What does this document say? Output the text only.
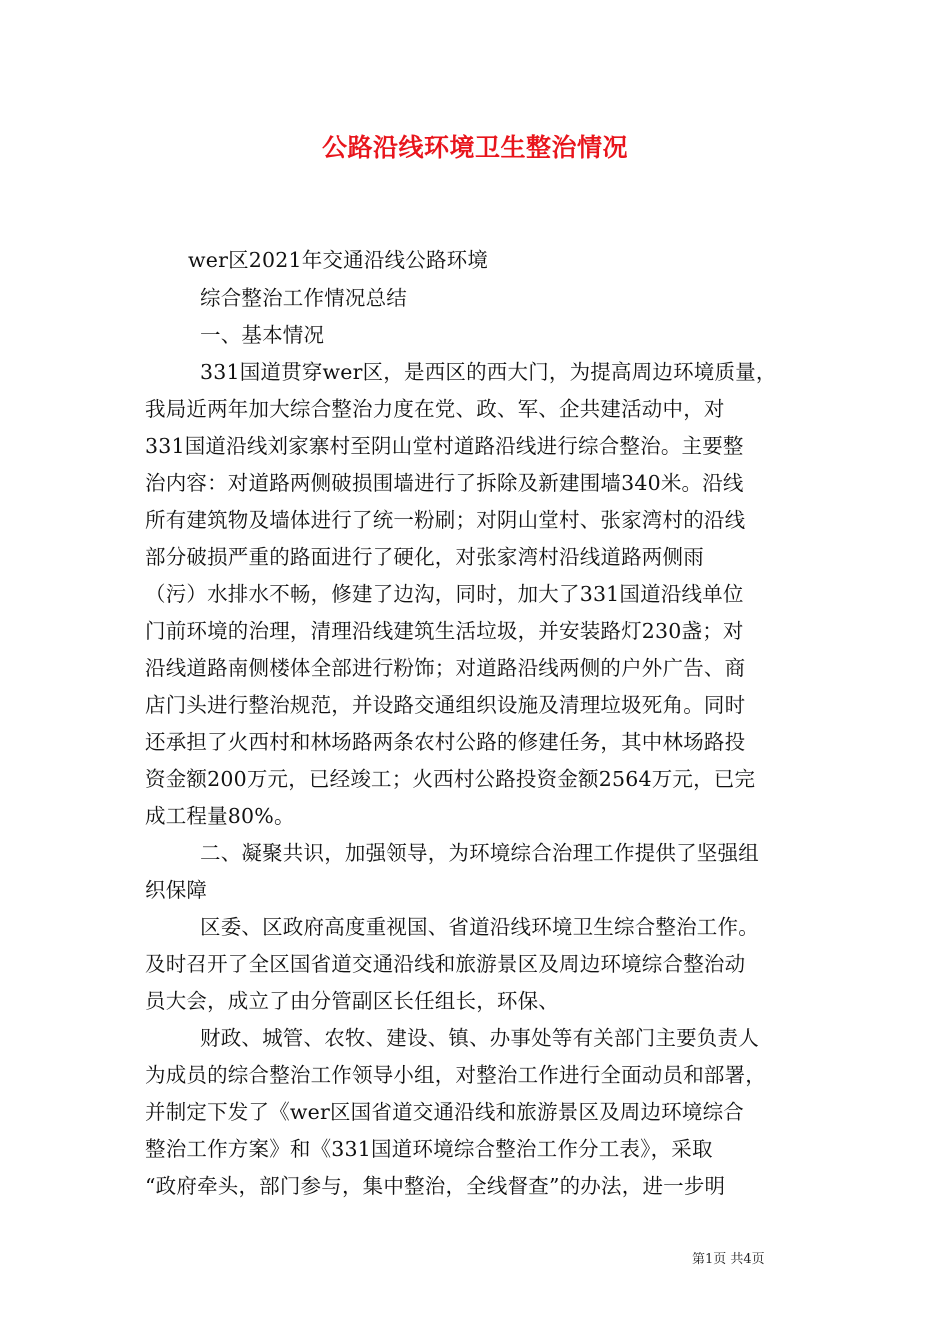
公路沿线环境卫生整治情况
wer区2021年交通沿线公路环境
综合整治工作情况总结
一、基本情况
331国道贯穿wer区，是西区的西大门，为提高周边环境质量，
我局近两年加大综合整治力度在党、政、军、企共建活动中，对
331国道沿线刘家寨村至阴山堂村道路沿线进行综合整治。主要整
治内容：对道路两侧破损围墙进行了拆除及新建围墙340米。沿线
所有建筑物及墙体进行了统一粉刷；对阴山堂村、张家湾村的沿线
部分破损严重的路面进行了硬化，对张家湾村沿线道路两侧雨
（污）水排水不畅，修建了边沟，同时，加大了331国道沿线单位
门前环境的治理，清理沿线建筑生活垃圾，并安装路灯230盏；对
沿线道路南侧楼体全部进行粉饰；对道路沿线两侧的户外广告、商
店门头进行整治规范，并设路交通组织设施及清理垃圾死角。同时
还承担了火西村和林场路两条农村公路的修建任务，其中林场路投
资金额200万元，已经竣工；火西村公路投资金额2564万元，已完
成工程量80%。
二、凝聚共识，加强领导，为环境综合治理工作提供了坚强组
织保障
区委、区政府高度重视国、省道沿线环境卫生综合整治工作。
及时召开了全区国省道交通沿线和旅游景区及周边环境综合整治动
员大会，成立了由分管副区长任组长，环保、
财政、城管、农牧、建设、镇、办事处等有关部门主要负责人
为成员的综合整治工作领导小组，对整治工作进行全面动员和部署，
并制定下发了《wer区国省道交通沿线和旅游景区及周边环境综合
整治工作方案》和《331国道环境综合整治工作分工表》，采取
“政府牵头，部门参与，集中整治，全线督查”的办法，进一步明
第1页 共4页
